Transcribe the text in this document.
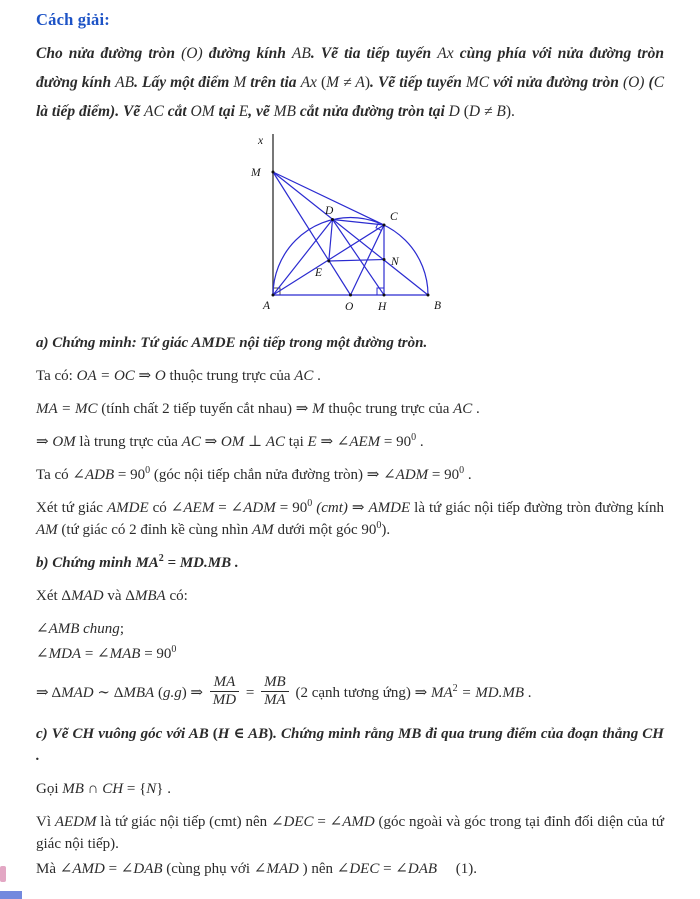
Cách giải:

Cho nửa đường tròn (O) đường kính AB. Vẽ tia tiếp tuyến Ax cùng phía với nửa đường tròn đường kính AB. Lấy một điểm M trên tia Ax (M ≠ A). Vẽ tiếp tuyến MC với nửa đường tròn (O) (C là tiếp điểm). Vẽ AC cắt OM tại E, vẽ MB cắt nửa đường tròn tại D (D ≠ B).

x
M
D	C
E
N
A	O H	B

a) Chứng minh: Tứ giác AMDE nội tiếp trong một đường tròn.

Ta có: OA = OC ⇒ O thuộc trung trực của AC .

MA = MC (tính chất 2 tiếp tuyến cắt nhau) ⇒ M thuộc trung trực của AC .

⇒ OM là trung trực của AC ⇒ OM ⊥ AC tại E ⇒ ∠AEM = $90^0$ .

Ta có ∠ADB = $90^0$ (góc nội tiếp chắn nửa đường tròn) ⇒ ∠ADM = $90^0$ .

Xét tứ giác AMDE có ∠AEM = ∠ADM = $90^0$ (cmt) ⇒ AMDE là tứ giác nội tiếp đường tròn đường kính AM (tứ giác có 2 đỉnh kề cùng nhìn AM dưới một góc $90^0$).

b) Chứng minh $MA^2 = MD.MB$ .

Xét ΔMAD và ΔMBA có:

∠AMB chung;

∠MDA = ∠MAB = $90^0$

⇒ ΔMAD ∼ ΔMBA (g.g) ⇒ $\frac{MA}{MD} = \frac{MB}{MA} (2$ cạnh tương ứng) ⇒ $MA^2 = MD.MB$ .

c) Vẽ CH vuông góc với AB (H ∈ AB). Chứng minh rằng MB đi qua trung điểm của đoạn thẳng CH .

Gọi MB ∩ CH = {N} .

Vì AEDM là tứ giác nội tiếp (cmt) nên ∠DEC = ∠AMD (góc ngoài và góc trong tại đỉnh đối diện của tứ giác nội tiếp).

Mà ∠AMD = ∠DAB (cùng phụ với ∠MAD ) nên ∠DEC = ∠DAB     (1).
